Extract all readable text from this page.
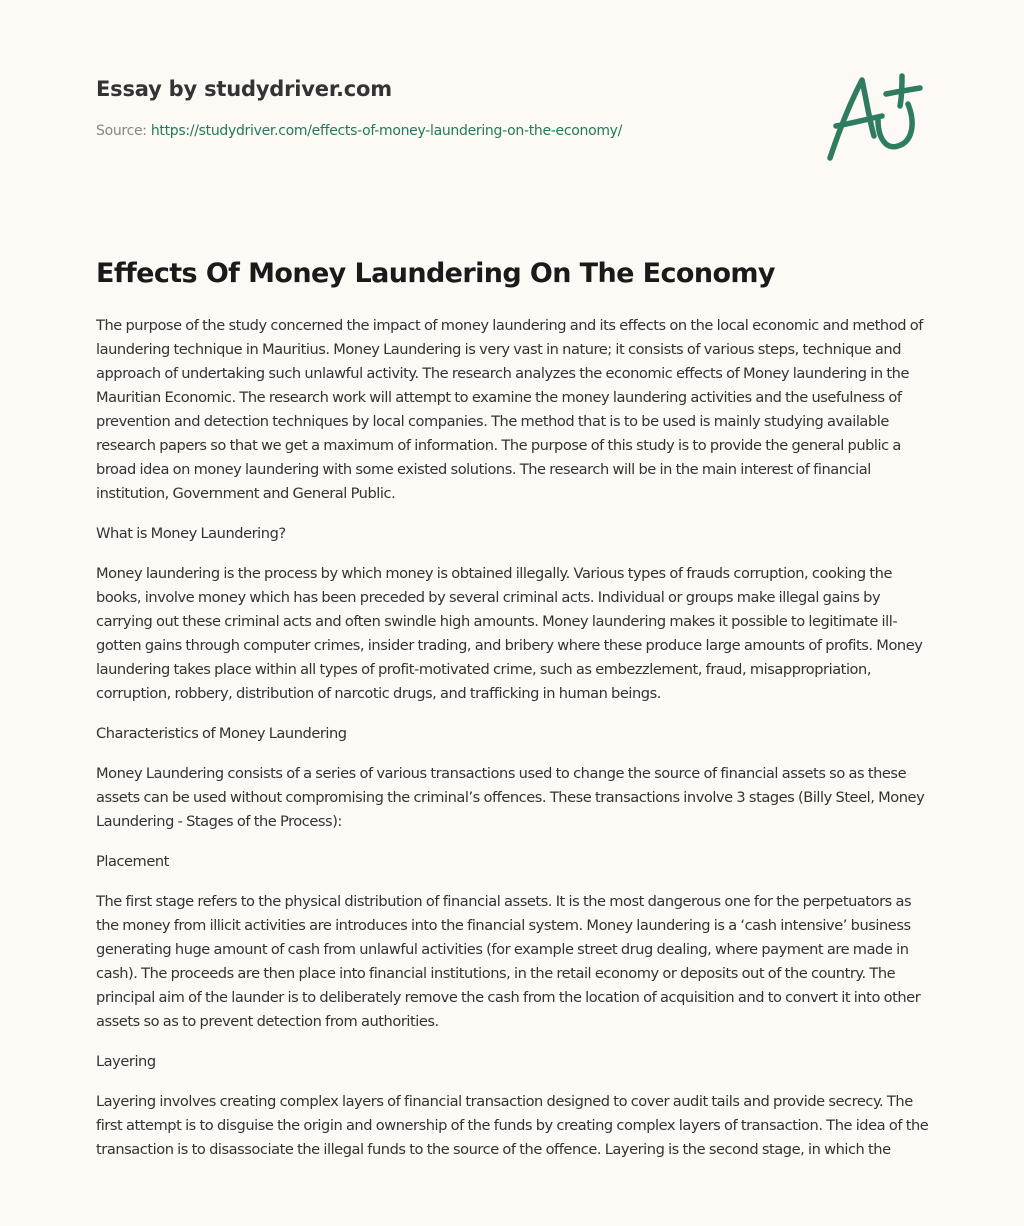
Essay by studydriver.com
Source: https://studydriver.com/effects-of-money-laundering-on-the-economy/
Effects Of Money Laundering On The Economy

The purpose of the study concerned the impact of money laundering and its effects on the local economic and method of laundering technique in Mauritius. Money Laundering is very vast in nature; it consists of various steps, technique and approach of undertaking such unlawful activity. The research analyzes the economic effects of Money laundering in the Mauritian Economic. The research work will attempt to examine the money laundering activities and the usefulness of prevention and detection techniques by local companies. The method that is to be used is mainly studying available research papers so that we get a maximum of information. The purpose of this study is to provide the general public a broad idea on money laundering with some existed solutions. The research will be in the main interest of financial institution, Government and General Public.

What is Money Laundering?

Money laundering is the process by which money is obtained illegally. Various types of frauds corruption, cooking the books, involve money which has been preceded by several criminal acts. Individual or groups make illegal gains by carrying out these criminal acts and often swindle high amounts. Money laundering makes it possible to legitimate ill-gotten gains through computer crimes, insider trading, and bribery where these produce large amounts of profits. Money laundering takes place within all types of profit-motivated crime, such as embezzlement, fraud, misappropriation, corruption, robbery, distribution of narcotic drugs, and trafficking in human beings.

Characteristics of Money Laundering

Money Laundering consists of a series of various transactions used to change the source of financial assets so as these assets can be used without compromising the criminal’s offences. These transactions involve 3 stages (Billy Steel, Money Laundering - Stages of the Process):

Placement

The first stage refers to the physical distribution of financial assets. It is the most dangerous one for the perpetuators as the money from illicit activities are introduces into the financial system. Money laundering is a ‘cash intensive’ business generating huge amount of cash from unlawful activities (for example street drug dealing, where payment are made in cash). The proceeds are then place into financial institutions, in the retail economy or deposits out of the country. The principal aim of the launder is to deliberately remove the cash from the location of acquisition and to convert it into other assets so as to prevent detection from authorities.

Layering

Layering involves creating complex layers of financial transaction designed to cover audit tails and provide secrecy. The first attempt is to disguise the origin and ownership of the funds by creating complex layers of transaction. The idea of the transaction is to disassociate the illegal funds to the source of the offence. Layering is the second stage, in which the
